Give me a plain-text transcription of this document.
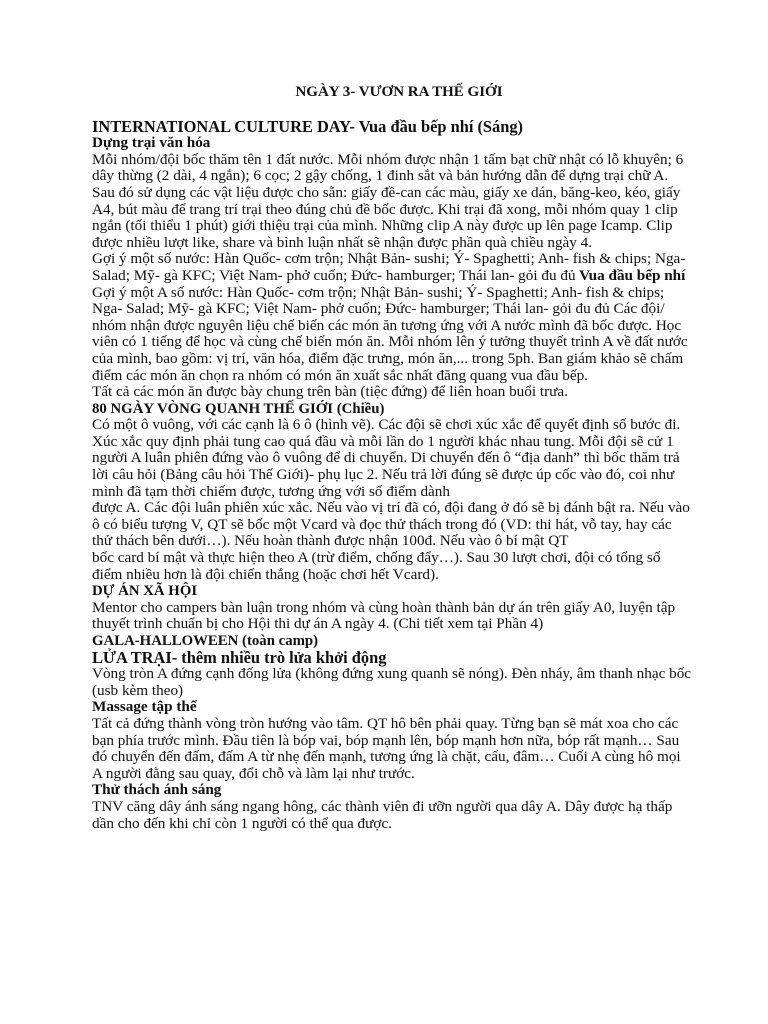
NGÀY 3- VƯƠN RA THẾ GIỚI
INTERNATIONAL CULTURE DAY- Vua đầu bếp nhí (Sáng)
Dựng trại văn hóa

Mỗi nhóm/đội bốc thăm tên 1 đất nước. Mỗi nhóm được nhận 1 tấm bạt chữ nhật có lỗ khuyên; 6 dây thừng (2 dài, 4 ngắn); 6 cọc; 2 gậy chống, 1 đinh sắt và bản hướng dẫn để dựng trại chữ A. Sau đó sử dụng các vật liệu được cho sẵn: giấy đề-can các màu, giấy xe dán, băng-keo, kéo, giấy A4, bút màu để trang trí trại theo đúng chủ đề bốc được. Khi trại đã xong, mỗi nhóm quay 1 clip ngắn (tối thiểu 1 phút) giới thiệu trại của mình. Những clip A này được up lên page Icamp. Clip được nhiều lượt like, share và bình luận nhất sẽ nhận được phần quà chiều ngày 4.

Gợi ý một số nước: Hàn Quốc- cơm trộn; Nhật Bản- sushi; Ý- Spaghetti; Anh- fish & chips; Nga- Salad; Mỹ- gà KFC; Việt Nam- phở cuốn; Đức- hamburger; Thái lan- gỏi đu đủ Vua đầu bếp nhí

Gợi ý một A số nước: Hàn Quốc- cơm trộn; Nhật Bản- sushi; Ý- Spaghetti; Anh- fish & chips; Nga- Salad; Mỹ- gà KFC; Việt Nam- phở cuốn; Đức- hamburger; Thái lan- gỏi đu đủ Các đội/ nhóm nhận được nguyên liệu chế biến các món ăn tương ứng với A nước mình đã bốc được. Học viên có 1 tiếng để học và cùng chế biến món ăn. Mỗi nhóm lên ý tưởng thuyết trình A về đất nước của mình, bao gồm: vị trí, văn hóa, điểm đặc trưng, món ăn,... trong 5ph. Ban giám khảo sẽ chấm điểm các món ăn chọn ra nhóm có món ăn xuất sắc nhất đăng quang vua đầu bếp.

Tất cả các món ăn được bày chung trên bàn (tiệc đứng) để liên hoan buổi trưa.

80 NGÀY VÒNG QUANH THẾ GIỚI (Chiều)

Có một ô vuông, với các cạnh là 6 ô (hình vẽ). Các đội sẽ chơi xúc xắc để quyết định số bước đi. Xúc xắc quy định phải tung cao quá đầu và mỗi lần do 1 người khác nhau tung. Mỗi đội sẽ cử 1 người A luân phiên đứng vào ô vuông để di chuyển. Di chuyển đến ô “địa danh” thì bốc thăm trả lời câu hỏi (Bảng câu hỏi Thế Giới)- phụ lục 2. Nếu trả lời đúng sẽ được úp cốc vào đó, coi như mình đã tạm thời chiếm được, tương ứng với số điểm dành

được A. Các đội luân phiên xúc xắc. Nếu vào vị trí đã có, đội đang ở đó sẽ bị đánh bật ra. Nếu vào ô có biểu tượng V, QT sẽ bốc một Vcard và đọc thử thách trong đó (VD: thi hát, vỗ tay, hay các thử thách bên dưới…). Nếu hoàn thành được nhận 100đ. Nếu vào ô bí mật QT

bốc card bí mật và thực hiện theo A (trừ điểm, chống đẩy…). Sau 30 lượt chơi, đội có tổng số điểm nhiều hơn là đội chiến thắng (hoặc chơi hết Vcard).

DỰ ÁN XÃ HỘI

Mentor cho campers bàn luận trong nhóm và cùng hoàn thành bản dự án trên giấy A0, luyện tập thuyết trình chuẩn bị cho Hội thi dự án A ngày 4. (Chi tiết xem tại Phần 4)

GALA-HALLOWEEN (toàn camp)
LỬA TRẠI- thêm nhiều trò lửa khởi động

Vòng tròn A đứng cạnh đống lửa (không đứng xung quanh sẽ nóng). Đèn nháy, âm thanh nhạc bốc (usb kèm theo)

Massage tập thể

Tất cả đứng thành vòng tròn hướng vào tâm. QT hô bên phải quay. Từng bạn sẽ mát xoa cho các bạn phía trước mình. Đầu tiên là bóp vai, bóp mạnh lên, bóp mạnh hơn nữa, bóp rất mạnh… Sau đó chuyển đến đấm, đấm A từ nhẹ đến mạnh, tương ứng là chặt, cấu, đâm… Cuối A cùng hô mọi A người đằng sau quay, đổi chỗ và làm lại như trước.

Thử thách ánh sáng

TNV căng dây ánh sáng ngang hông, các thành viên đi ưỡn người qua dây A. Dây được hạ thấp dần cho đến khi chỉ còn 1 người có thể qua được.
